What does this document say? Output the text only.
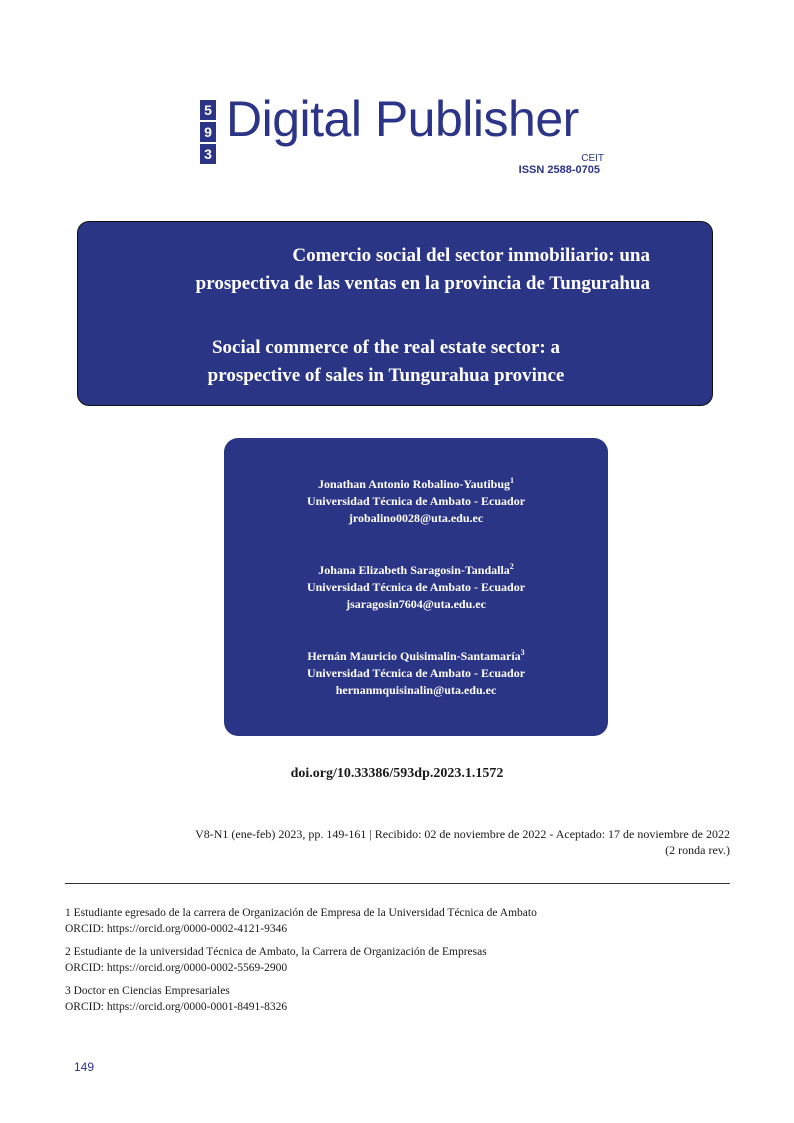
5
9
3
Digital Publisher
CEIT
ISSN 2588-0705
Comercio social del sector inmobiliario: una
prospectiva de las ventas en la provincia de Tungurahua
Social commerce of the real estate sector: a
prospective of sales in Tungurahua province
Jonathan Antonio Robalino-Yautibug$^1$
Universidad Técnica de Ambato - Ecuador
jrobalino0028@uta.edu.ec
Johana Elizabeth Saragosin-Tandalla$^2$
Universidad Técnica de Ambato - Ecuador
jsaragosin7604@uta.edu.ec
Hernán Mauricio Quisimalin-Santamaría$^3$
Universidad Técnica de Ambato - Ecuador
hernanmquisinalin@uta.edu.ec
doi.org/10.33386/593dp.2023.1.1572
V8-N1 (ene-feb) 2023, pp. 149-161 | Recibido: 02 de noviembre de 2022 - Aceptado: 17 de noviembre de 2022
(2 ronda rev.)
1 Estudiante egresado de la carrera de Organización de Empresa de la Universidad Técnica de Ambato
ORCID: https://orcid.org/0000-0002-4121-9346
2 Estudiante de la universidad Técnica de Ambato, la Carrera de Organización de Empresas
ORCID: https://orcid.org/0000-0002-5569-2900
3 Doctor en Ciencias Empresariales
ORCID: https://orcid.org/0000-0001-8491-8326
149
